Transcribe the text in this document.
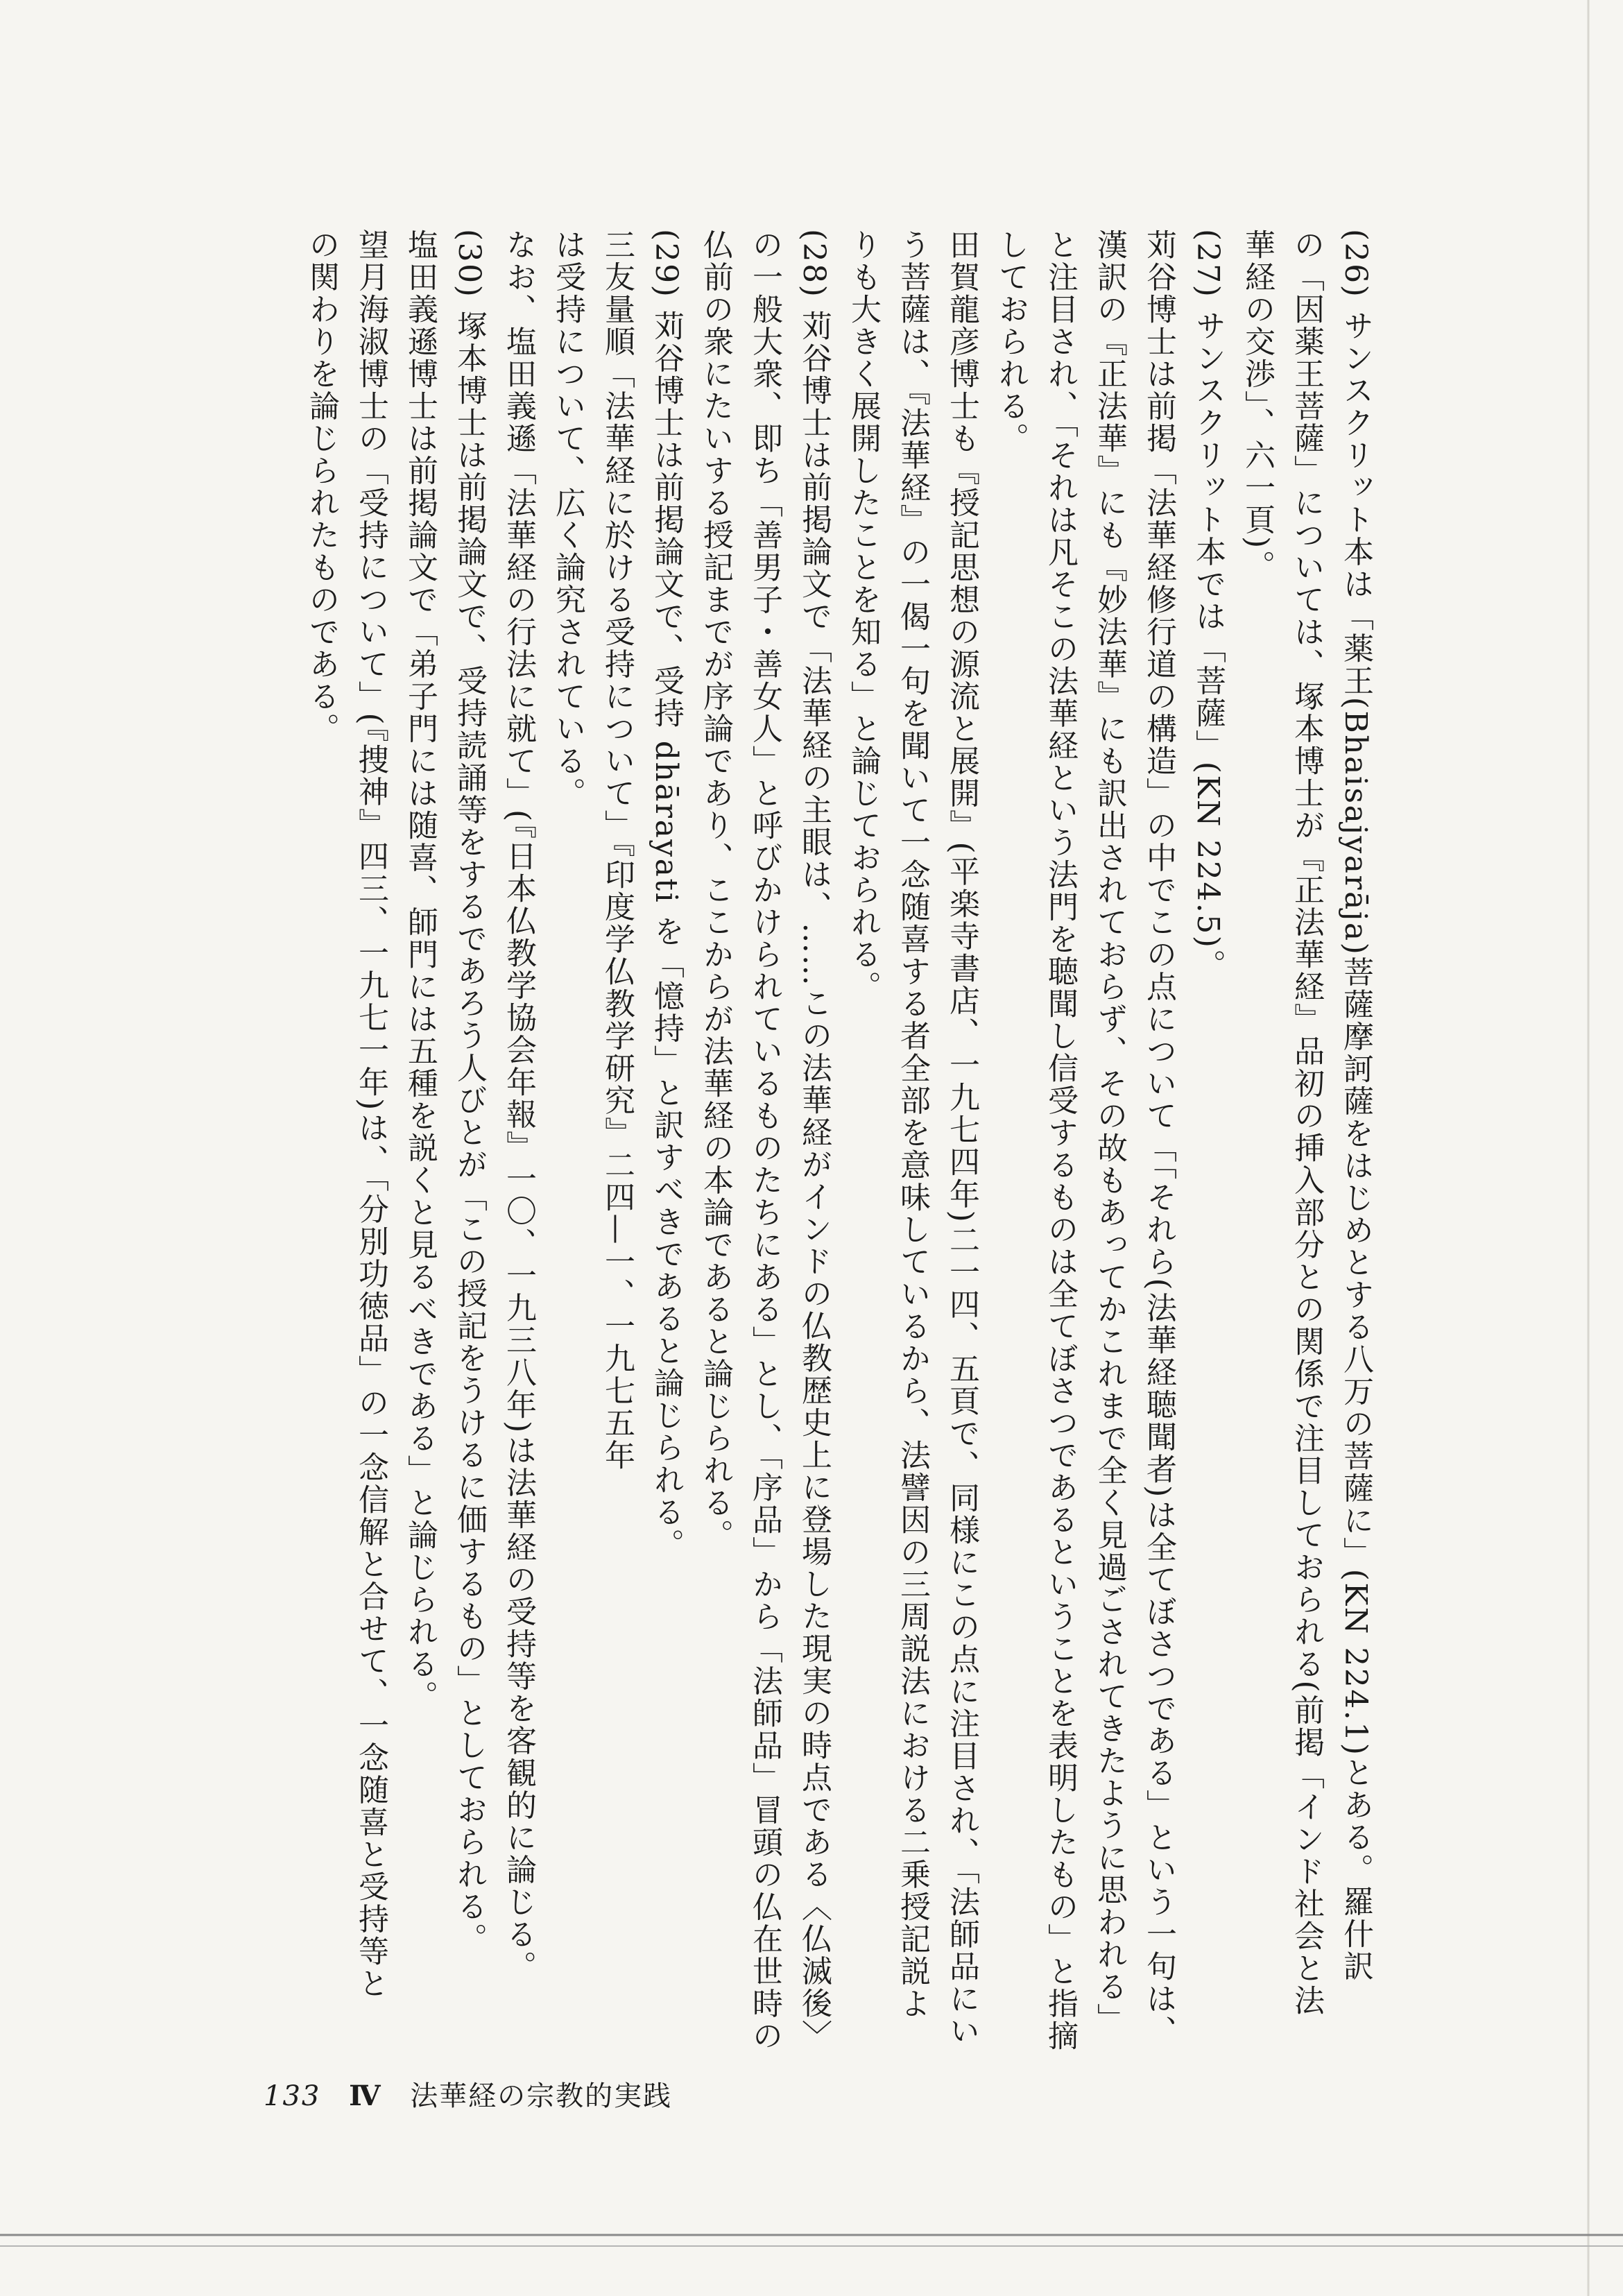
(26) サンスクリット本は「薬王(Bhaisajyarāja)菩薩摩訶薩をはじめとする八万の菩薩に」(KN 224.1)とある。羅什訳
の「因薬王菩薩」については、塚本博士が『正法華経』品初の挿入部分との関係で注目しておられる(前掲「インド社会と法
華経の交渉」、六一頁)。
(27) サンスクリット本では「菩薩」(KN 224.5)。
苅谷博士は前掲「法華経修行道の構造」の中でこの点について「「それら(法華経聴聞者)は全てぼさつである」という一句は、
漢訳の『正法華』にも『妙法華』にも訳出されておらず、その故もあってかこれまで全く見過ごされてきたように思われる」
と注目され、「それは凡そこの法華経という法門を聴聞し信受するものは全てぼさつであるということを表明したもの」と指摘
しておられる。
田賀龍彦博士も『授記思想の源流と展開』(平楽寺書店、一九七四年)二一四、五頁で、同様にこの点に注目され、「法師品にい
う菩薩は、『法華経』の一偈一句を聞いて一念随喜する者全部を意味しているから、法譬因の三周説法における二乗授記説よ
りも大きく展開したことを知る」と論じておられる。
(28) 苅谷博士は前掲論文で「法華経の主眼は、……この法華経がインドの仏教歴史上に登場した現実の時点である〈仏滅後〉
の一般大衆、即ち「善男子・善女人」と呼びかけられているものたちにある」とし、「序品」から「法師品」冒頭の仏在世時の
仏前の衆にたいする授記までが序論であり、ここからが法華経の本論であると論じられる。
(29) 苅谷博士は前掲論文で、受持 dhārayati を「憶持」と訳すべきであると論じられる。
三友量順「法華経に於ける受持について」『印度学仏教学研究』二四—一、一九七五年
は受持について、広く論究されている。
なお、塩田義遜「法華経の行法に就て」(『日本仏教学協会年報』一〇、一九三八年)は法華経の受持等を客観的に論じる。
(30) 塚本博士は前掲論文で、受持読誦等をするであろう人びとが「この授記をうけるに価するもの」としておられる。
塩田義遜博士は前掲論文で「弟子門には随喜、師門には五種を説くと見るべきである」と論じられる。
望月海淑博士の「受持について」(『捜神』四三、一九七一年)は、「分別功徳品」の一念信解と合せて、一念随喜と受持等と
の関わりを論じられたものである。
133 Ⅳ 法華経の宗教的実践
